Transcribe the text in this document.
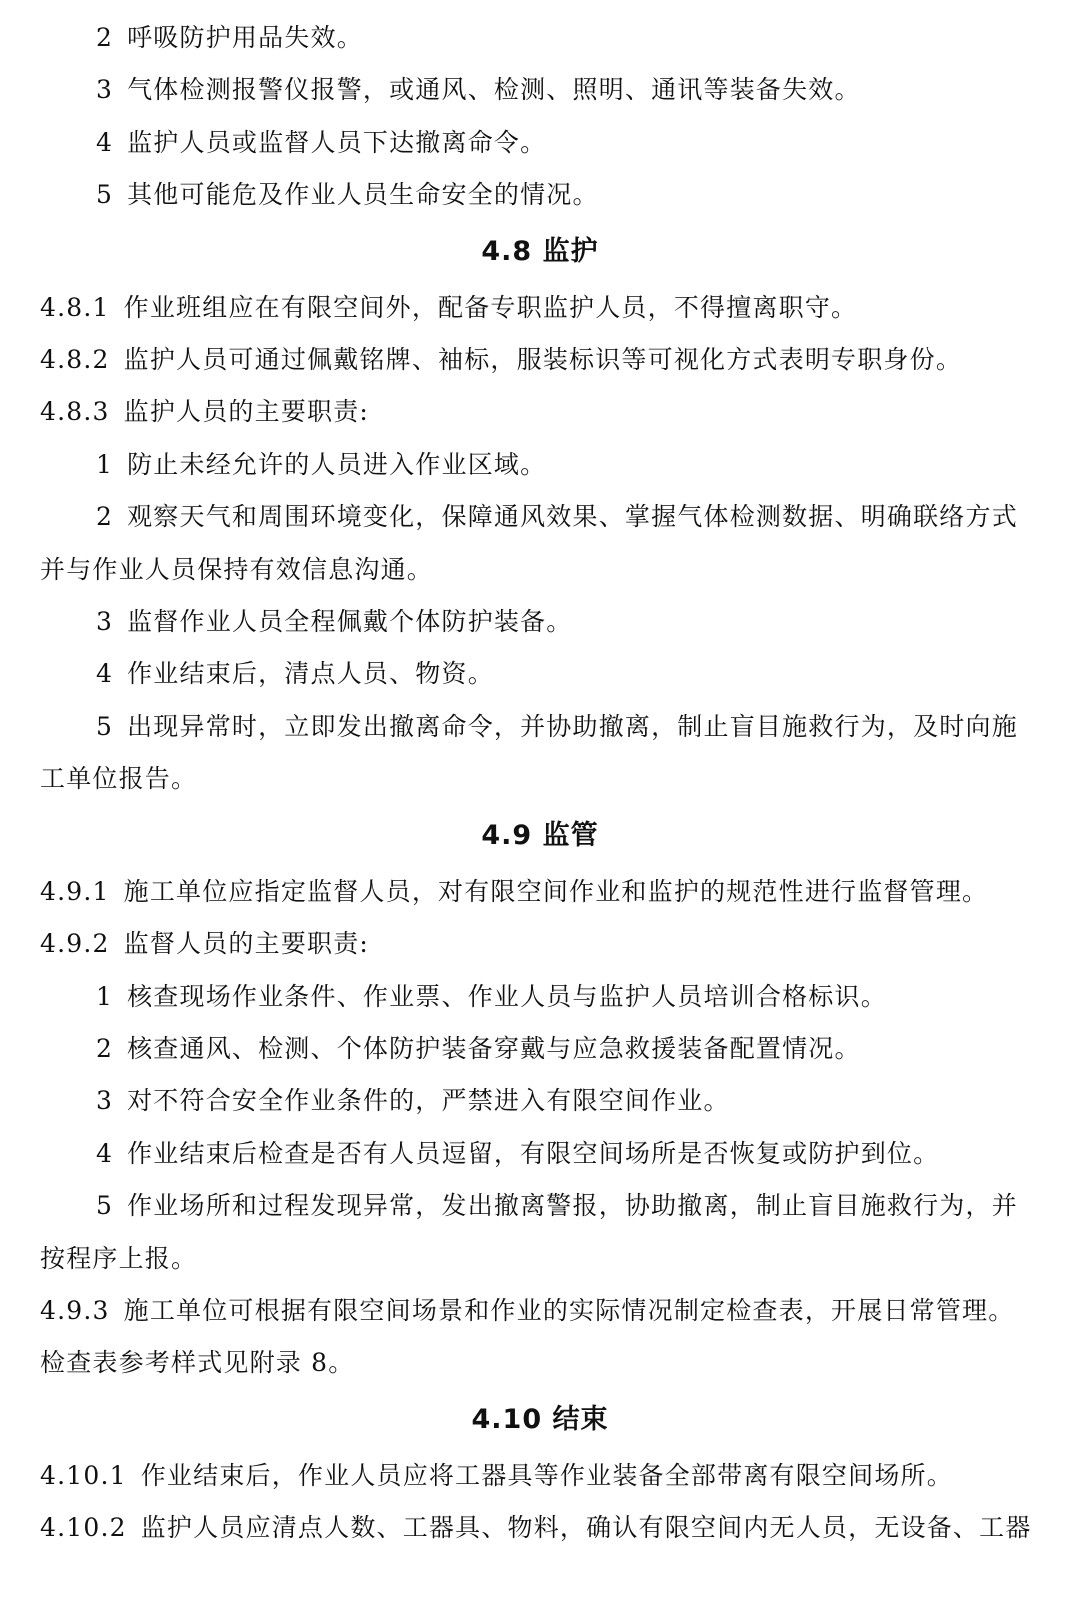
2 呼吸防护用品失效。
3 气体检测报警仪报警，或通风、检测、照明、通讯等装备失效。
4 监护人员或监督人员下达撤离命令。
5 其他可能危及作业人员生命安全的情况。
4.8 监护
4.8.1 作业班组应在有限空间外，配备专职监护人员，不得擅离职守。
4.8.2 监护人员可通过佩戴铭牌、袖标，服装标识等可视化方式表明专职身份。
4.8.3 监护人员的主要职责:
1 防止未经允许的人员进入作业区域。
2 观察天气和周围环境变化，保障通风效果、掌握气体检测数据、明确联络方式
并与作业人员保持有效信息沟通。
3 监督作业人员全程佩戴个体防护装备。
4 作业结束后，清点人员、物资。
5 出现异常时，立即发出撤离命令，并协助撤离，制止盲目施救行为，及时向施
工单位报告。
4.9 监管
4.9.1 施工单位应指定监督人员，对有限空间作业和监护的规范性进行监督管理。
4.9.2 监督人员的主要职责:
1 核查现场作业条件、作业票、作业人员与监护人员培训合格标识。
2 核查通风、检测、个体防护装备穿戴与应急救援装备配置情况。
3 对不符合安全作业条件的，严禁进入有限空间作业。
4 作业结束后检查是否有人员逗留，有限空间场所是否恢复或防护到位。
5 作业场所和过程发现异常，发出撤离警报，协助撤离，制止盲目施救行为，并
按程序上报。
4.9.3 施工单位可根据有限空间场景和作业的实际情况制定检查表，开展日常管理。
检查表参考样式见附录 8。
4.10 结束
4.10.1 作业结束后，作业人员应将工器具等作业装备全部带离有限空间场所。
4.10.2 监护人员应清点人数、工器具、物料，确认有限空间内无人员，无设备、工器
